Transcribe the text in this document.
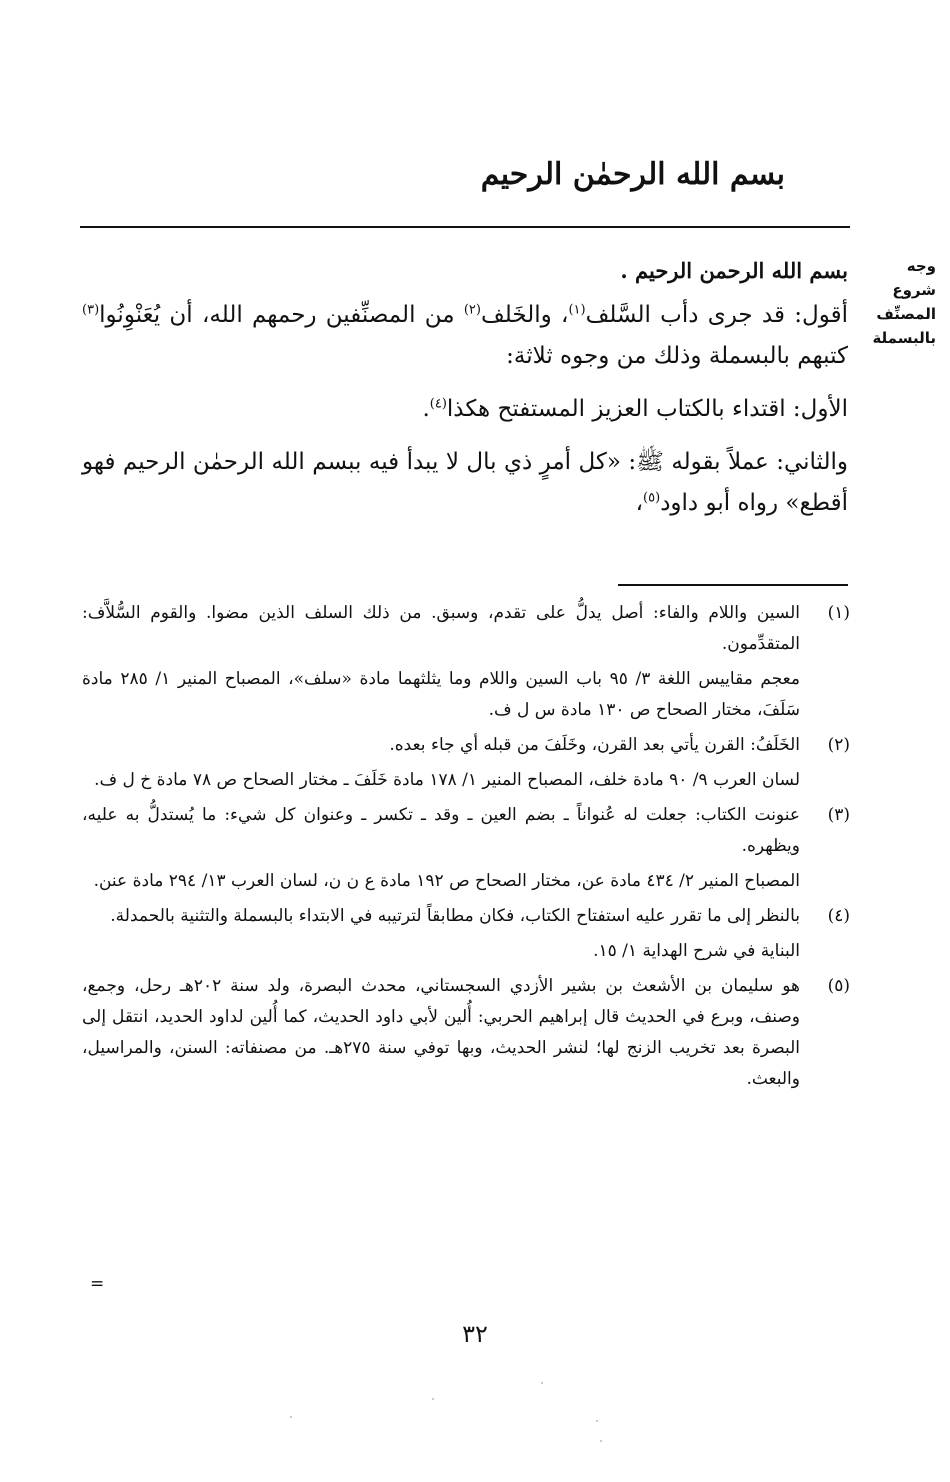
بسم الله الرحمٰن الرحيم
وجه
شروع
المصنِّف
بالبسملة

بسم الله الرحمن الرحيم .

أقول: قد جرى دأب السَّلف$^{(١)}$، والخَلف$^{(٢)}$ من المصنِّفين رحمهم الله، أن يُعَنْوِنُوا$^{(٣)}$ كتبهم بالبسملة وذلك من وجوه ثلاثة:

الأول: اقتداء بالكتاب العزيز المستفتح هكذا$^{(٤)}$.

والثاني: عملاً بقوله ﷺ: «كل أمرٍ ذي بال لا يبدأ فيه ببسم الله الرحمٰن الرحيم فهو أقطع» رواه أبو داود$^{(٥)}$،

(١)

السين واللام والفاء: أصل يدلُّ على تقدم، وسبق. من ذلك السلف الذين مضوا. والقوم السُّلاَّف: المتقدِّمون.

معجم مقاييس اللغة ٣/ ٩٥ باب السين واللام وما يثلثهما مادة «سلف»، المصباح المنير ١/ ٢٨٥ مادة سَلَفَ، مختار الصحاح ص ١٣٠ مادة س ل ف.

(٢)

الخَلَفُ: القرن يأتي بعد القرن، وخَلَفَ من قبله أي جاء بعده.

لسان العرب ٩/ ٩٠ مادة خلف، المصباح المنير ١/ ١٧٨ مادة خَلَفَ ـ مختار الصحاح ص ٧٨ مادة خ ل ف.

(٣)

عنونت الكتاب: جعلت له عُنواناً ـ بضم العين ـ وقد ـ تكسر ـ وعنوان كل شيء: ما يُستدلُّ به عليه، ويظهره.

المصباح المنير ٢/ ٤٣٤ مادة عن، مختار الصحاح ص ١٩٢ مادة ع ن ن، لسان العرب ١٣/ ٢٩٤ مادة عنن.

(٤)

بالنظر إلى ما تقرر عليه استفتاح الكتاب، فكان مطابقاً لترتيبه في الابتداء بالبسملة والتثنية بالحمدلة.

البناية في شرح الهداية ١/ ١٥.

(٥)

هو سليمان بن الأشعث بن بشير الأزدي السجستاني، محدث البصرة، ولد سنة ٢٠٢هـ رحل، وجمع، وصنف، وبرع في الحديث قال إبراهيم الحربي: أُلين لأبي داود الحديث، كما أُلين لداود الحديد، انتقل إلى البصرة بعد تخريب الزنج لها؛ لنشر الحديث، وبها توفي سنة ٢٧٥هـ. من مصنفاته: السنن، والمراسيل، والبعث.

=
٣٢
